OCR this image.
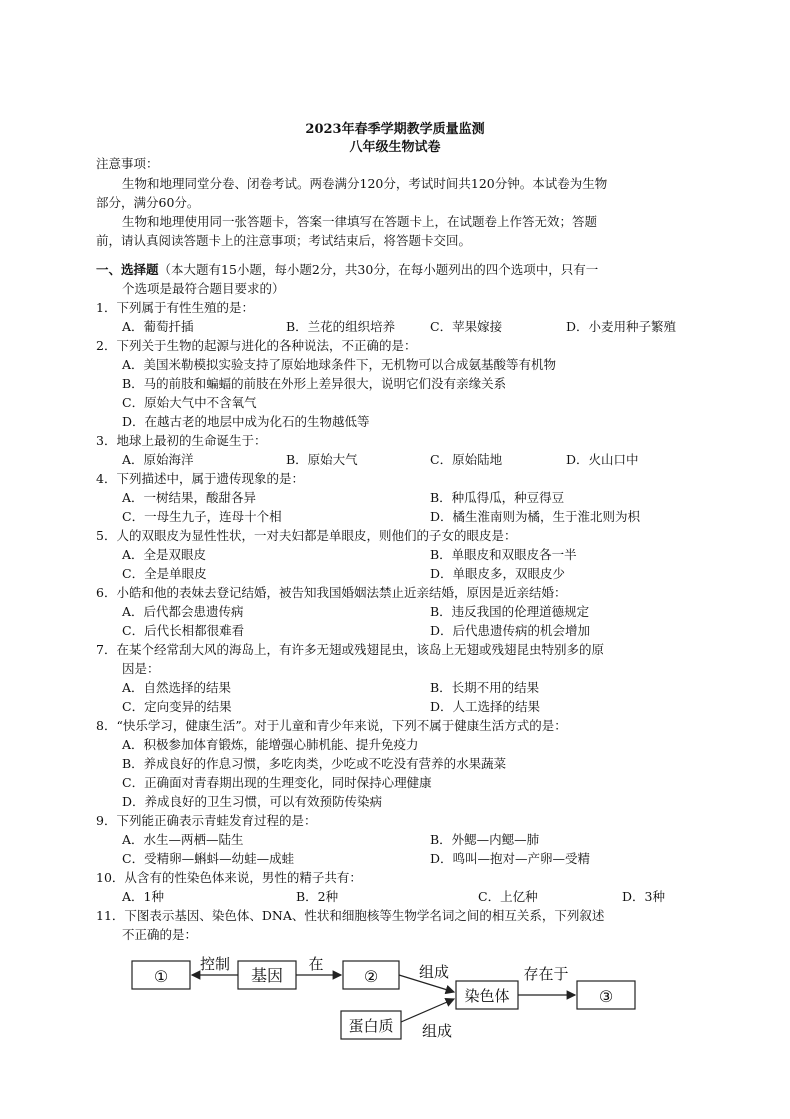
2023年春季学期教学质量监测
八年级生物试卷
注意事项：
生物和地理同堂分卷、闭卷考试。两卷满分120分，考试时间共120分钟。本试卷为生物
部分，满分60分。
生物和地理使用同一张答题卡，答案一律填写在答题卡上，在试题卷上作答无效；答题
前，请认真阅读答题卡上的注意事项；考试结束后，将答题卡交回。
一、选择题（本大题有15小题，每小题2分，共30分，在每小题列出的四个选项中，只有一
个选项是最符合题目要求的）
1．下列属于有性生殖的是：
A．葡萄扦插	B．兰花的组织培养	C．苹果嫁接	D．小麦用种子繁殖
2．下列关于生物的起源与进化的各种说法，不正确的是：
A．美国米勒模拟实验支持了原始地球条件下，无机物可以合成氨基酸等有机物
B．马的前肢和蝙蝠的前肢在外形上差异很大，说明它们没有亲缘关系
C．原始大气中不含氧气
D．在越古老的地层中成为化石的生物越低等
3．地球上最初的生命诞生于：
A．原始海洋	B．原始大气	C．原始陆地	D．火山口中
4．下列描述中，属于遗传现象的是：
A．一树结果，酸甜各异	B．种瓜得瓜，种豆得豆
C．一母生九子，连母十个相	D．橘生淮南则为橘，生于淮北则为枳
5．人的双眼皮为显性性状，一对夫妇都是单眼皮，则他们的子女的眼皮是：
A．全是双眼皮	B．单眼皮和双眼皮各一半
C．全是单眼皮	D．单眼皮多，双眼皮少
6．小皓和他的表妹去登记结婚，被告知我国婚姻法禁止近亲结婚，原因是近亲结婚：
A．后代都会患遗传病	B．违反我国的伦理道德规定
C．后代长相都很难看	D．后代患遗传病的机会增加
7．在某个经常刮大风的海岛上，有许多无翅或残翅昆虫，该岛上无翅或残翅昆虫特别多的原
因是：
A．自然选择的结果	B．长期不用的结果
C．定向变异的结果	D．人工选择的结果
8．“快乐学习，健康生活”。对于儿童和青少年来说，下列不属于健康生活方式的是：
A．积极参加体育锻炼，能增强心肺机能、提升免疫力
B．养成良好的作息习惯，多吃肉类，少吃或不吃没有营养的水果蔬菜
C．正确面对青春期出现的生理变化，同时保持心理健康
D．养成良好的卫生习惯，可以有效预防传染病
9．下列能正确表示青蛙发育过程的是：
A．水生—两栖—陆生	B．外鳃—内鳃—肺
C．受精卵—蝌蚪—幼蛙—成蛙	D．鸣叫—抱对—产卵—受精
10．从含有的性染色体来说，男性的精子共有：
A．1种	B．2种	C．上亿种	D．3种
11．下图表示基因、染色体、DNA、性状和细胞核等生物学名词之间的相互关系，下列叙述
不正确的是：
①	基因
控制
②
在
染色体
组成
③
存在于
蛋白质 组成
